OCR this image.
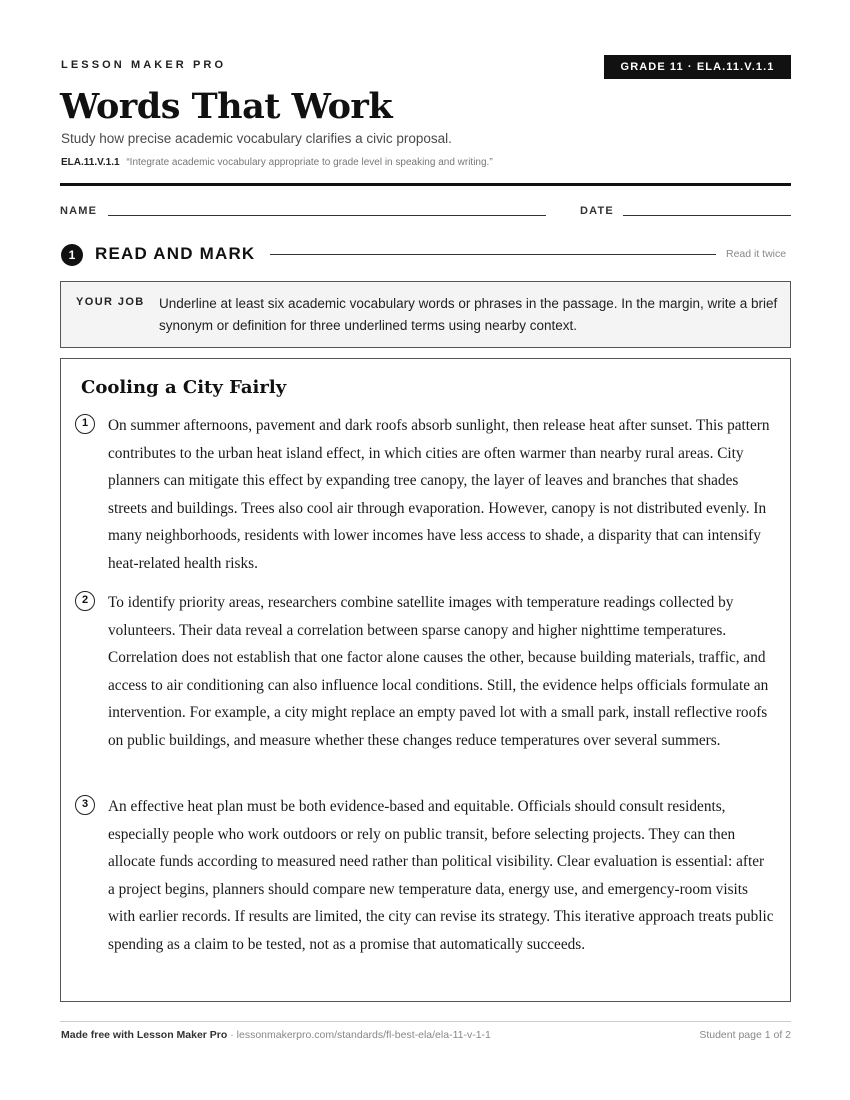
LESSON MAKER PRO	GRADE 11 · ELA.11.V.1.1
Words That Work
Study how precise academic vocabulary clarifies a civic proposal.
ELA.11.V.1.1 “Integrate academic vocabulary appropriate to grade level in speaking and writing.”
NAME	DATE
1	READ AND MARK	Read it twice
YOUR JOB Underline at least six academic vocabulary words or phrases in the passage. In the margin, write a brief synonym or definition for three underlined terms using nearby context.
Cooling a City Fairly
1	On summer afternoons, pavement and dark roofs absorb sunlight, then release heat after sunset. This pattern contributes to the urban heat island effect, in which cities are often warmer than nearby rural areas. City planners can mitigate this effect by expanding tree canopy, the layer of leaves and branches that shades streets and buildings. Trees also cool air through evaporation. However, canopy is not distributed evenly. In many neighborhoods, residents with lower incomes have less access to shade, a disparity that can intensify heat-related health risks.
2	To identify priority areas, researchers combine satellite images with temperature readings collected by volunteers. Their data reveal a correlation between sparse canopy and higher nighttime temperatures. Correlation does not establish that one factor alone causes the other, because building materials, traffic, and access to air conditioning can also influence local conditions. Still, the evidence helps officials formulate an intervention. For example, a city might replace an empty paved lot with a small park, install reflective roofs on public buildings, and measure whether these changes reduce temperatures over several summers.
3	An effective heat plan must be both evidence-based and equitable. Officials should consult residents, especially people who work outdoors or rely on public transit, before selecting projects. They can then allocate funds according to measured need rather than political visibility. Clear evaluation is essential: after a project begins, planners should compare new temperature data, energy use, and emergency-room visits with earlier records. If results are limited, the city can revise its strategy. This iterative approach treats public spending as a claim to be tested, not as a promise that automatically succeeds.
Made free with Lesson Maker Pro · lessonmakerpro.com/standards/fl-best-ela/ela-11-v-1-1	Student page 1 of 2
